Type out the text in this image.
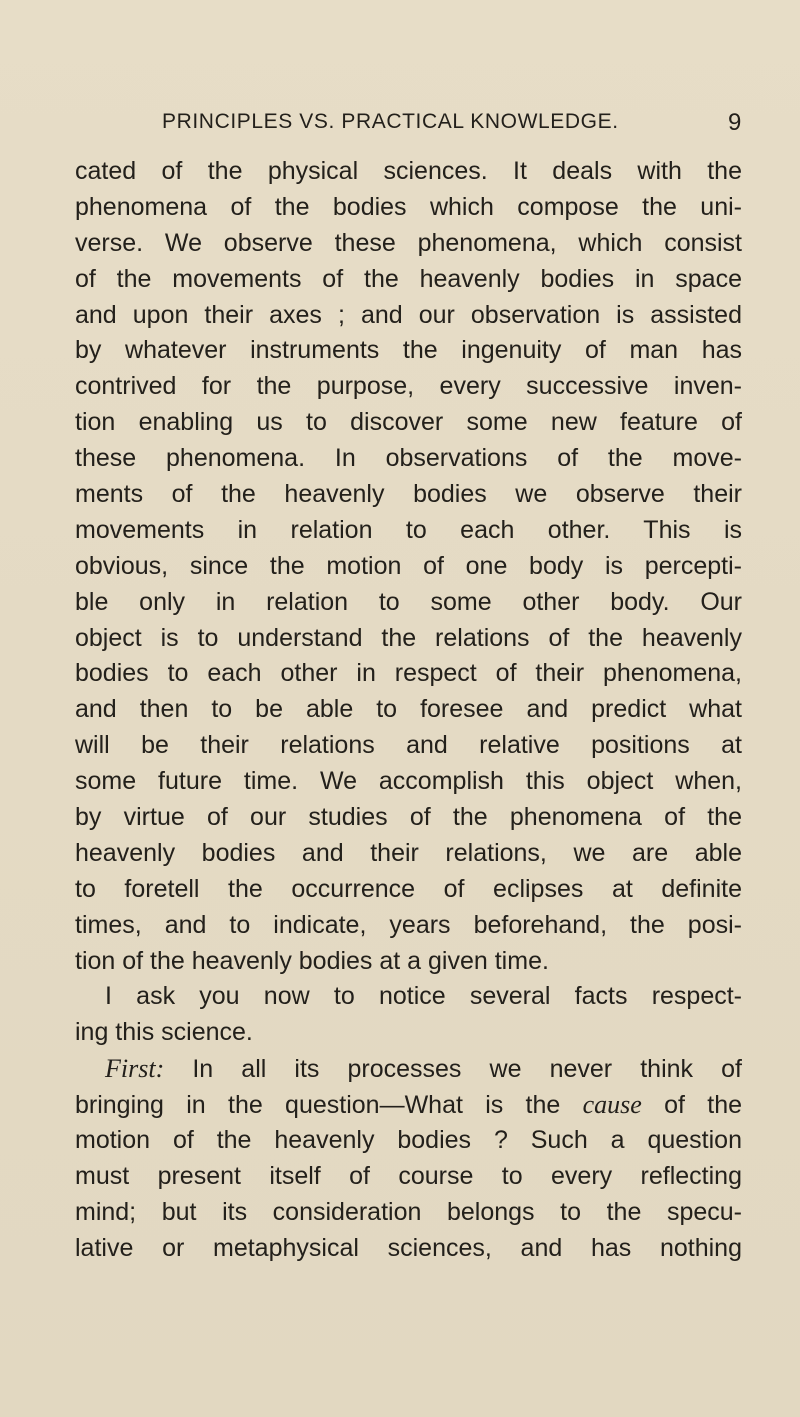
PRINCIPLES VS. PRACTICAL KNOWLEDGE.	9
cated of the physical sciences. It deals with the
phenomena of the bodies which compose the uni-
verse. We observe these phenomena, which consist
of the movements of the heavenly bodies in space
and upon their axes ; and our observation is assisted
by whatever instruments the ingenuity of man has
contrived for the purpose, every successive inven-
tion enabling us to discover some new feature of
these phenomena. In observations of the move-
ments of the heavenly bodies we observe their
movements in relation to each other. This is
obvious, since the motion of one body is percepti-
ble only in relation to some other body. Our
object is to understand the relations of the heavenly
bodies to each other in respect of their phenomena,
and then to be able to foresee and predict what
will be their relations and relative positions at
some future time. We accomplish this object when,
by virtue of our studies of the phenomena of the
heavenly bodies and their relations, we are able
to foretell the occurrence of eclipses at definite
times, and to indicate, years beforehand, the posi-
tion of the heavenly bodies at a given time.
I ask you now to notice several facts respect-
ing this science.
First: In all its processes we never think of
bringing in the question—What is the cause of the
motion of the heavenly bodies ? Such a question
must present itself of course to every reflecting
mind; but its consideration belongs to the specu-
lative or metaphysical sciences, and has nothing
